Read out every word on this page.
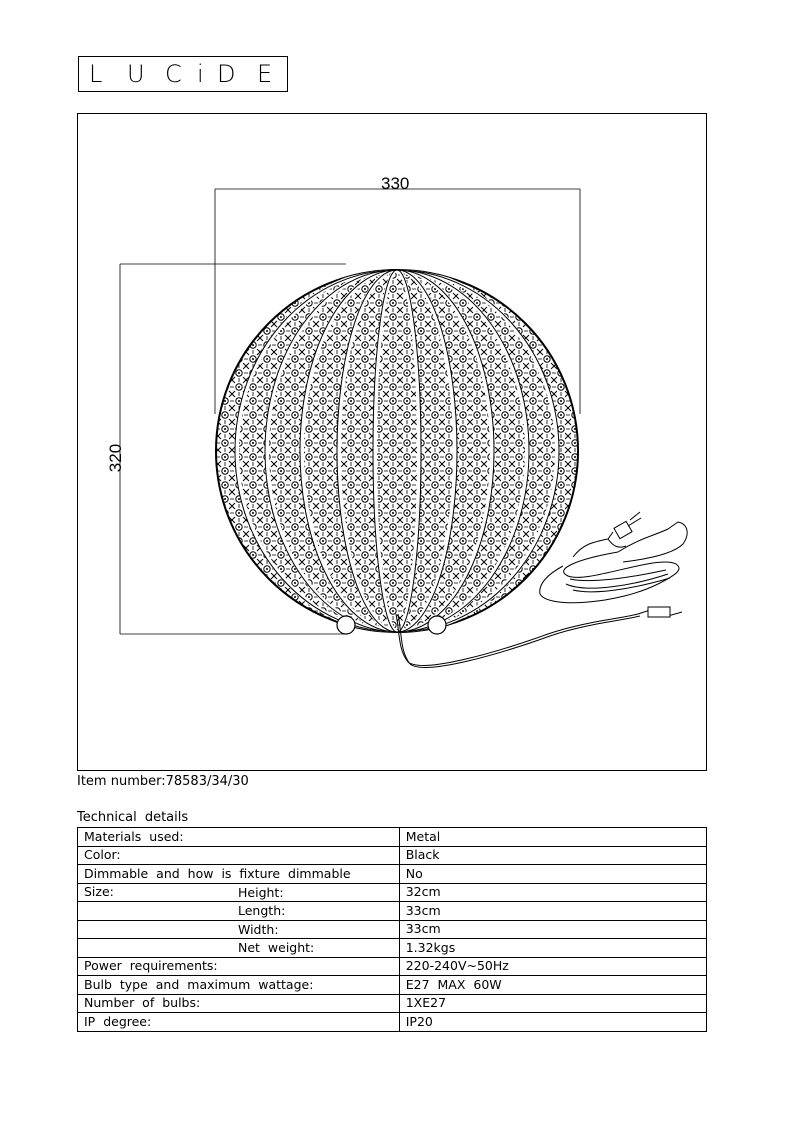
L U C i D E
330
320
Item number:78583/34/30
Technical details
Materials used:	Metal
Color:	Black
Dimmable and how is fixture dimmable	No
Size: Height:	32cm

Length:	33cm

Width:	33cm

Net weight:	1.32kgs
Power requirements:	220-240V~50Hz
Bulb type and maximum wattage:	E27 MAX 60W
Number of bulbs:	1XE27
IP degree:	IP20
